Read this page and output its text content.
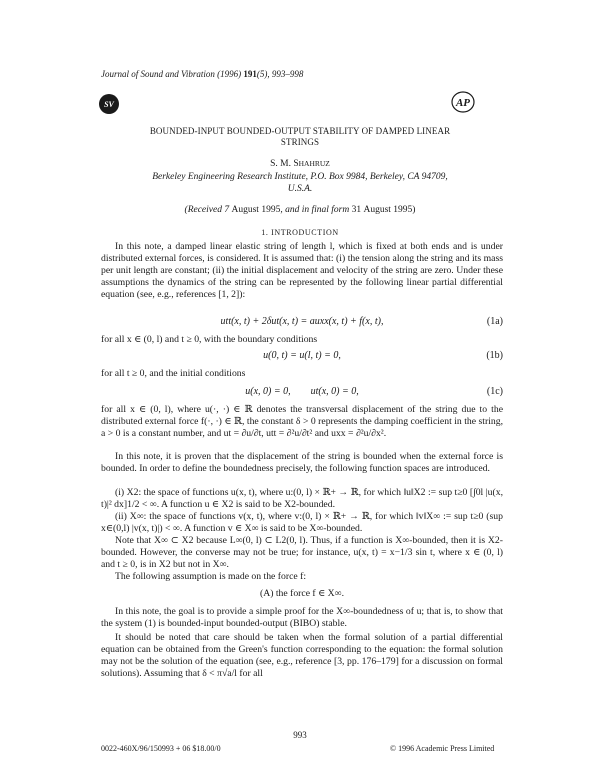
Journal of Sound and Vibration (1996) 191(5), 993–998
SV	AP
BOUNDED-INPUT BOUNDED-OUTPUT STABILITY OF DAMPED LINEAR
STRINGS
S. M. SHAHRUZ
Berkeley Engineering Research Institute, P.O. Box 9984, Berkeley, CA 94709,
U.S.A.
(Received 7 August 1995, and in final form 31 August 1995)
1. INTRODUCTION

In this note, a damped linear elastic string of length l, which is fixed at both ends and is under distributed external forces, is considered. It is assumed that: (i) the tension along the string and its mass per unit length are constant; (ii) the initial displacement and velocity of the string are zero. Under these assumptions the dynamics of the string can be represented by the following linear partial differential equation (see, e.g., references [1, 2]):

utt(x, t) + 2δut(x, t) = auxx(x, t) + f(x, t),	(1a)

for all x ∈ (0, l) and t ≥ 0, with the boundary conditions

u(0, t) = u(l, t) = 0,	(1b)

for all t ≥ 0, and the initial conditions

u(x, 0) = 0,        ut(x, 0) = 0,	(1c)

for all x ∈ (0, l), where u(·, ·) ∈ ℝ denotes the transversal displacement of the string due to the distributed external force f(·, ·) ∈ ℝ, the constant δ > 0 represents the damping coefficient in the string, a > 0 is a constant number, and ut = ∂u/∂t, utt = ∂²u/∂t² and uxx = ∂²u/∂x².

In this note, it is proven that the displacement of the string is bounded when the external force is bounded. In order to define the boundedness precisely, the following function spaces are introduced.

(i) X2: the space of functions u(x, t), where u:(0, l) × ℝ+ → ℝ, for which ‖u‖X2 := sup t≥0 [∫0l |u(x, t)|² dx]1/2 < ∞. A function u ∈ X2 is said to be X2-bounded.

(ii) X∞: the space of functions v(x, t), where v:(0, l) × ℝ+ → ℝ, for which ‖v‖X∞ := sup t≥0 (sup x∈(0,l) |v(x, t)|) < ∞. A function v ∈ X∞ is said to be X∞-bounded.

Note that X∞ ⊂ X2 because L∞(0, l) ⊂ L2(0, l). Thus, if a function is X∞-bounded, then it is X2-bounded. However, the converse may not be true; for instance, u(x, t) = x−1/3 sin t, where x ∈ (0, l) and t ≥ 0, is in X2 but not in X∞.

The following assumption is made on the force f:

(A) the force f ∈ X∞.

In this note, the goal is to provide a simple proof for the X∞-boundedness of u; that is, to show that the system (1) is bounded-input bounded-output (BIBO) stable.

It should be noted that care should be taken when the formal solution of a partial differential equation can be obtained from the Green's function corresponding to the equation: the formal solution may not be the solution of the equation (see, e.g., reference [3, pp. 176–179] for a discussion on formal solutions). Assuming that δ < π√a/l for all

993
0022-460X/96/150993 + 06 $18.00/0	© 1996 Academic Press Limited
